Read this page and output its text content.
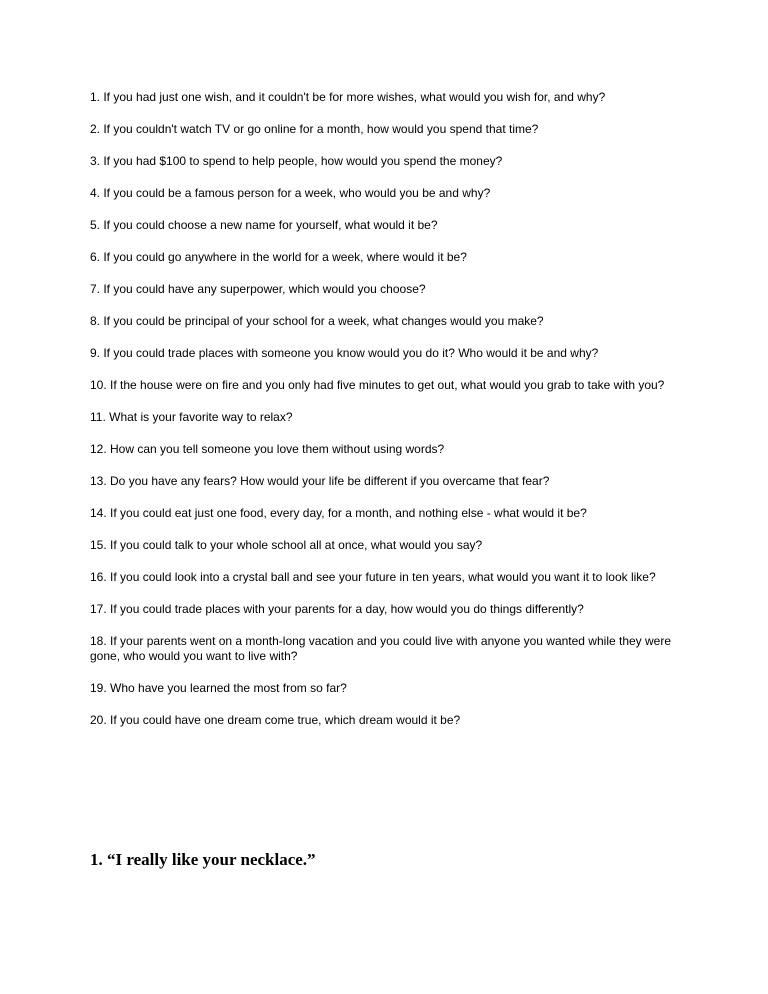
1. If you had just one wish, and it couldn't be for more wishes, what would you wish for, and why?
2. If you couldn't watch TV or go online for a month, how would you spend that time?
3. If you had $100 to spend to help people, how would you spend the money?
4. If you could be a famous person for a week, who would you be and why?
5. If you could choose a new name for yourself, what would it be?
6. If you could go anywhere in the world for a week, where would it be?
7. If you could have any superpower, which would you choose?
8. If you could be principal of your school for a week, what changes would you make?
9. If you could trade places with someone you know would you do it? Who would it be and why?
10. If the house were on fire and you only had five minutes to get out, what would you grab to take with you?
11. What is your favorite way to relax?
12. How can you tell someone you love them without using words?
13. Do you have any fears? How would your life be different if you overcame that fear?
14. If you could eat just one food, every day, for a month, and nothing else - what would it be?
15. If you could talk to your whole school all at once, what would you say?
16. If you could look into a crystal ball and see your future in ten years, what would you want it to look like?
17. If you could trade places with your parents for a day, how would you do things differently?
18. If your parents went on a month-long vacation and you could live with anyone you wanted while they were gone, who would you want to live with?
19. Who have you learned the most from so far?
20. If you could have one dream come true, which dream would it be?
1. “I really like your necklace.”
